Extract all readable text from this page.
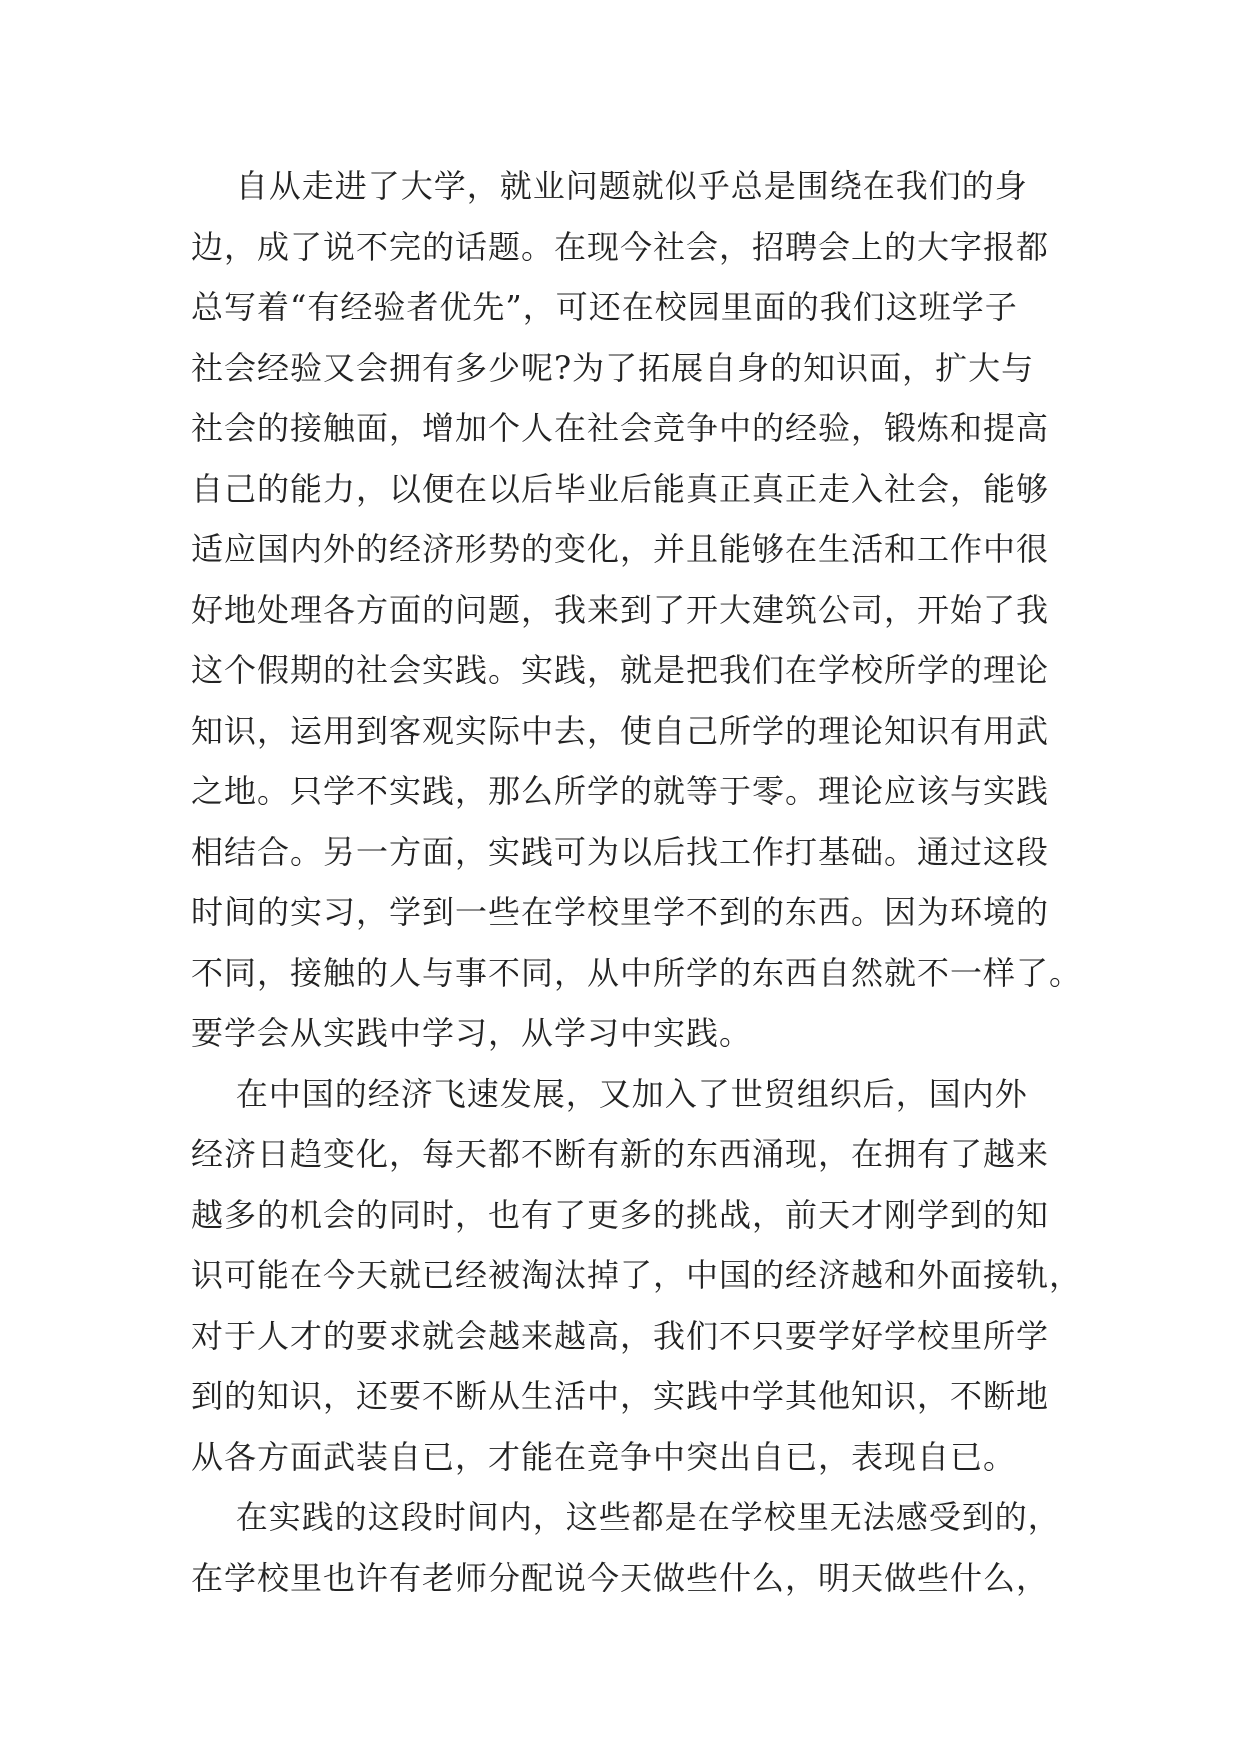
自从走进了大学，就业问题就似乎总是围绕在我们的身
边，成了说不完的话题。在现今社会，招聘会上的大字报都
总写着“有经验者优先”，可还在校园里面的我们这班学子
社会经验又会拥有多少呢?为了拓展自身的知识面，扩大与
社会的接触面，增加个人在社会竞争中的经验，锻炼和提高
自己的能力，以便在以后毕业后能真正真正走入社会，能够
适应国内外的经济形势的变化，并且能够在生活和工作中很
好地处理各方面的问题，我来到了开大建筑公司，开始了我
这个假期的社会实践。实践，就是把我们在学校所学的理论
知识，运用到客观实际中去，使自己所学的理论知识有用武
之地。只学不实践，那么所学的就等于零。理论应该与实践
相结合。另一方面，实践可为以后找工作打基础。通过这段
时间的实习，学到一些在学校里学不到的东西。因为环境的
不同，接触的人与事不同，从中所学的东西自然就不一样了。
要学会从实践中学习，从学习中实践。
在中国的经济飞速发展，又加入了世贸组织后，国内外
经济日趋变化，每天都不断有新的东西涌现，在拥有了越来
越多的机会的同时，也有了更多的挑战，前天才刚学到的知
识可能在今天就已经被淘汰掉了，中国的经济越和外面接轨，
对于人才的要求就会越来越高，我们不只要学好学校里所学
到的知识，还要不断从生活中，实践中学其他知识，不断地
从各方面武装自已，才能在竞争中突出自已，表现自已。
在实践的这段时间内，这些都是在学校里无法感受到的，
在学校里也许有老师分配说今天做些什么，明天做些什么，
